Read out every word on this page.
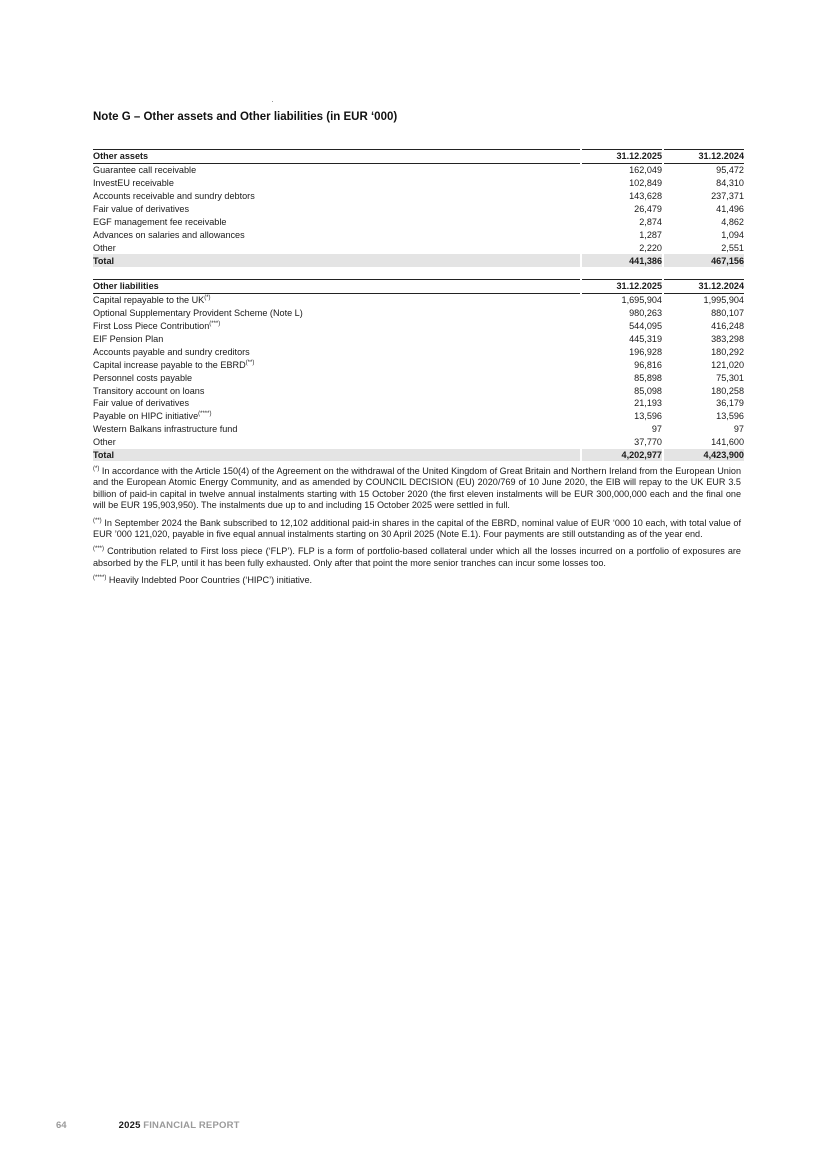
Note G – Other assets and Other liabilities (in EUR ‘000)
Other assets		31.12.2025		31.12.2024
Guarantee call receivable		162,049		95,472
InvestEU receivable		102,849		84,310
Accounts receivable and sundry debtors		143,628		237,371
Fair value of derivatives		26,479		41,496
EGF management fee receivable		2,874		4,862
Advances on salaries and allowances		1,287		1,094
Other		2,220		2,551
Total		441,386		467,156
Other liabilities		31.12.2025		31.12.2024
Capital repayable to the UK(*)		1,695,904		1,995,904
Optional Supplementary Provident Scheme (Note L)		980,263		880,107
First Loss Piece Contribution(***)		544,095		416,248
EIF Pension Plan		445,319		383,298
Accounts payable and sundry creditors		196,928		180,292
Capital increase payable to the EBRD(**)		96,816		121,020
Personnel costs payable		85,898		75,301
Transitory account on loans		85,098		180,258
Fair value of derivatives		21,193		36,179
Payable on HIPC initiative(****)		13,596		13,596
Western Balkans infrastructure fund		97		97
Other		37,770		141,600
Total		4,202,977		4,423,900

(*) In accordance with the Article 150(4) of the Agreement on the withdrawal of the United Kingdom of Great Britain and Northern Ireland from the European Union and the European Atomic Energy Community, and as amended by COUNCIL DECISION (EU) 2020/769 of 10 June 2020, the EIB will repay to the UK EUR 3.5 billion of paid-in capital in twelve annual instalments starting with 15 October 2020 (the first eleven instalments will be EUR 300,000,000 each and the final one will be EUR 195,903,950). The instalments due up to and including 15 October 2025 were settled in full.

(**) In September 2024 the Bank subscribed to 12,102 additional paid-in shares in the capital of the EBRD, nominal value of EUR ‘000 10 each, with total value of EUR ’000 121,020, payable in five equal annual instalments starting on 30 April 2025 (Note E.1). Four payments are still outstanding as of the year end.

(***) Contribution related to First loss piece (‘FLP’). FLP is a form of portfolio-based collateral under which all the losses incurred on a portfolio of exposures are absorbed by the FLP, until it has been fully exhausted. Only after that point the more senior tranches can incur some losses too.

(****) Heavily Indebted Poor Countries (‘HIPC’) initiative.

64	2025 FINANCIAL REPORT
